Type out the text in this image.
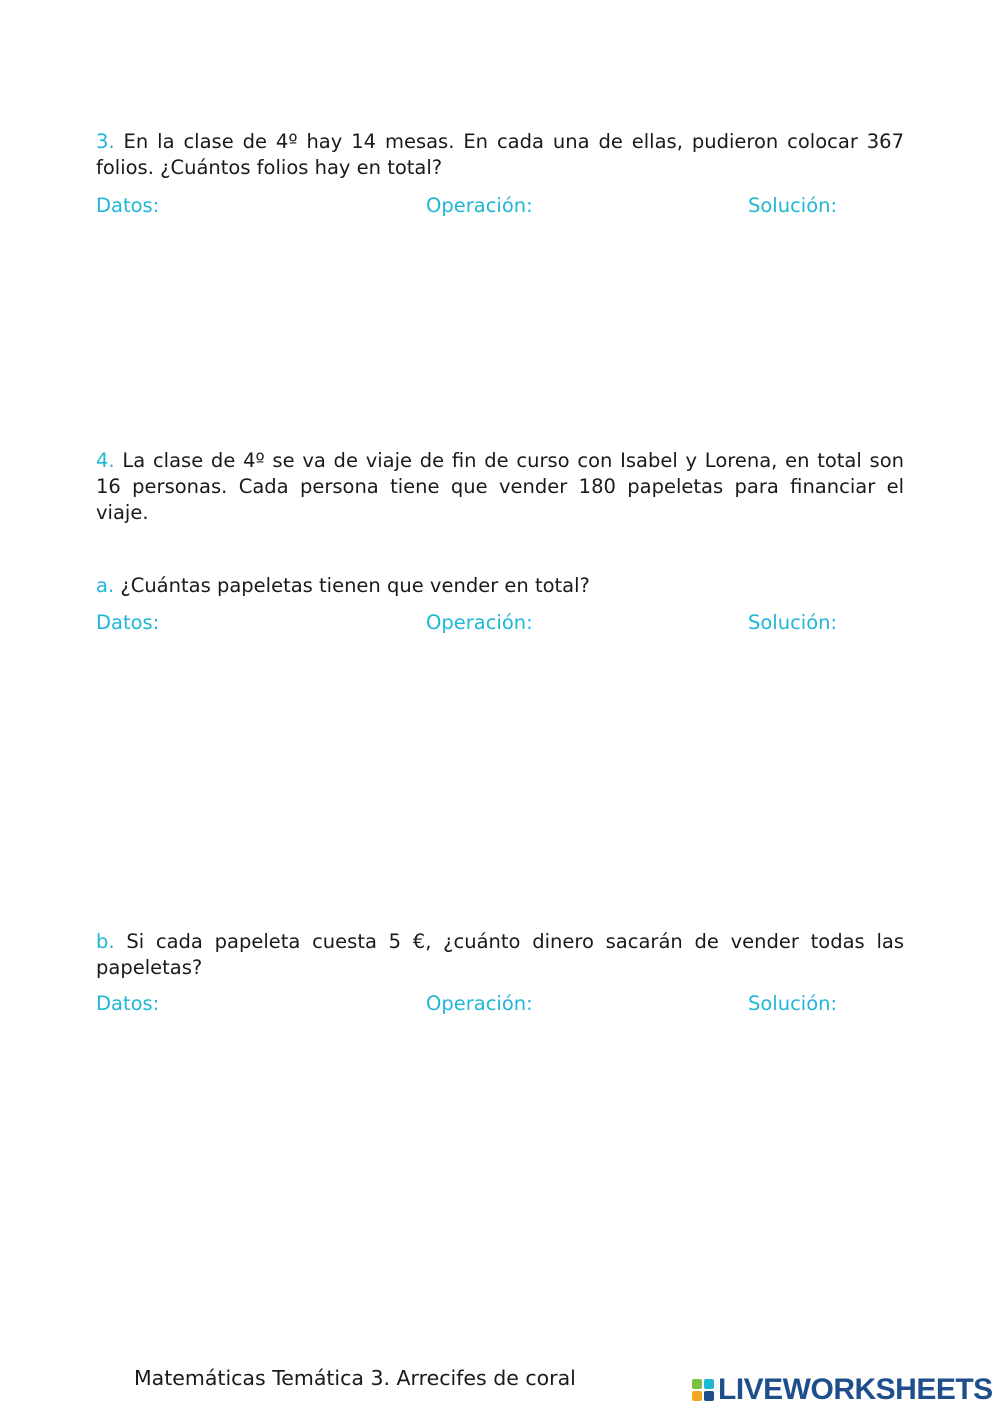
3. En la clase de 4º hay 14 mesas. En cada una de ellas, pudieron colocar 367 folios. ¿Cuántos folios hay en total?
Datos:	Operación:	Solución:
4. La clase de 4º se va de viaje de fin de curso con Isabel y Lorena, en total son 16 personas. Cada persona tiene que vender 180 papeletas para financiar el viaje.
a. ¿Cuántas papeletas tienen que vender en total?
Datos:	Operación:	Solución:
b. Si cada papeleta cuesta 5 €, ¿cuánto dinero sacarán de vender todas las papeletas?
Datos:	Operación:	Solución:
Matemáticas Temática 3. Arrecifes de coral	LIVEWORKSHEETS
